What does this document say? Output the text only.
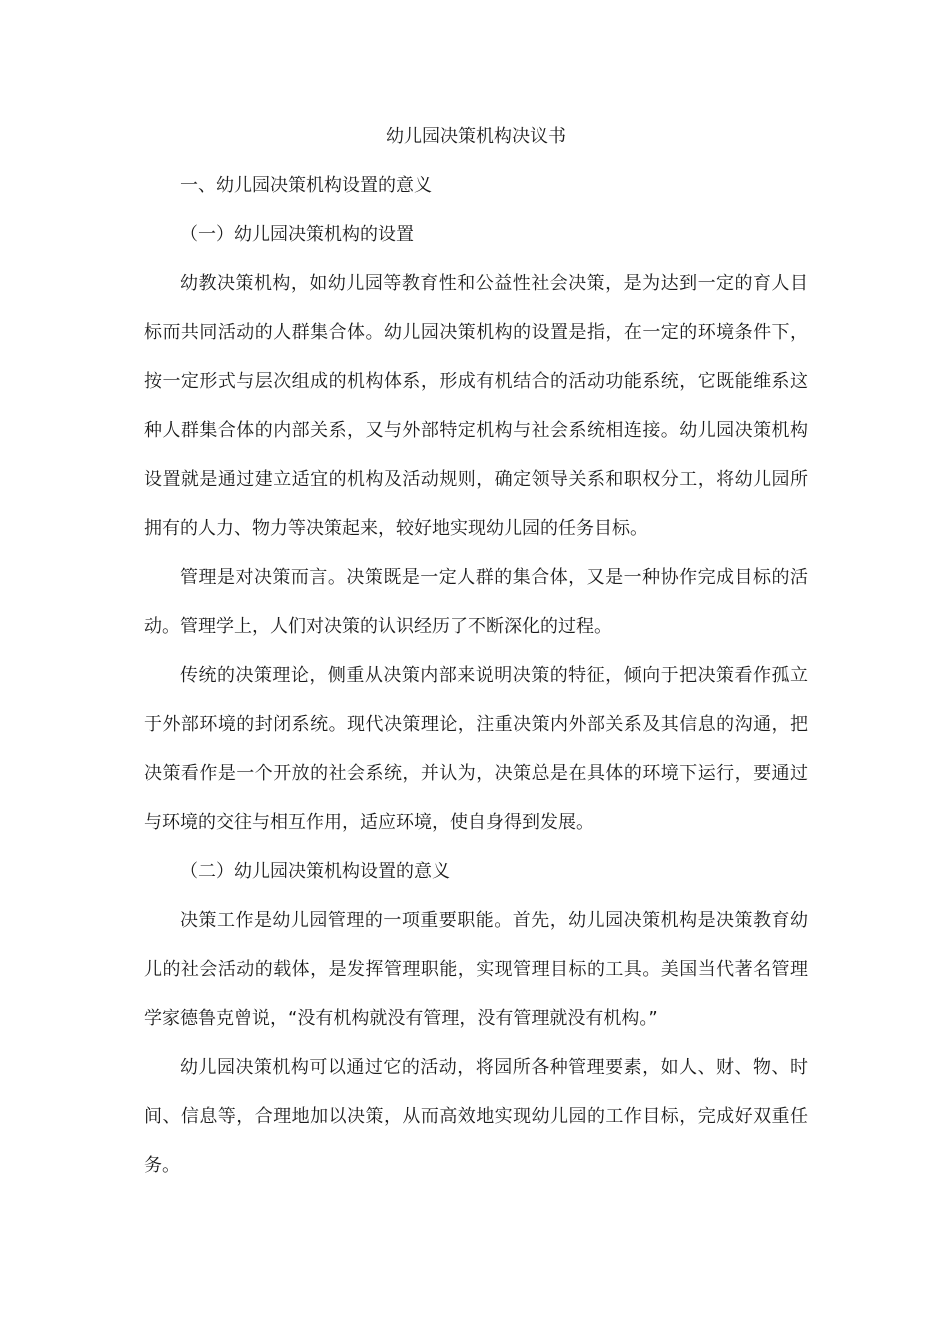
幼儿园决策机构决议书

一、幼儿园决策机构设置的意义

（一）幼儿园决策机构的设置

幼教决策机构，如幼儿园等教育性和公益性社会决策，是为达到一定的育人目标而共同活动的人群集合体。幼儿园决策机构的设置是指，在一定的环境条件下，按一定形式与层次组成的机构体系，形成有机结合的活动功能系统，它既能维系这种人群集合体的内部关系，又与外部特定机构与社会系统相连接。幼儿园决策机构设置就是通过建立适宜的机构及活动规则，确定领导关系和职权分工，将幼儿园所拥有的人力、物力等决策起来，较好地实现幼儿园的任务目标。

管理是对决策而言。决策既是一定人群的集合体，又是一种协作完成目标的活动。管理学上，人们对决策的认识经历了不断深化的过程。

传统的决策理论，侧重从决策内部来说明决策的特征，倾向于把决策看作孤立于外部环境的封闭系统。现代决策理论，注重决策内外部关系及其信息的沟通，把决策看作是一个开放的社会系统，并认为，决策总是在具体的环境下运行，要通过与环境的交往与相互作用，适应环境，使自身得到发展。

（二）幼儿园决策机构设置的意义

决策工作是幼儿园管理的一项重要职能。首先，幼儿园决策机构是决策教育幼儿的社会活动的载体，是发挥管理职能，实现管理目标的工具。美国当代著名管理学家德鲁克曾说，“没有机构就没有管理，没有管理就没有机构。”

幼儿园决策机构可以通过它的活动，将园所各种管理要素，如人、财、物、时间、信息等，合理地加以决策，从而高效地实现幼儿园的工作目标，完成好双重任务。
